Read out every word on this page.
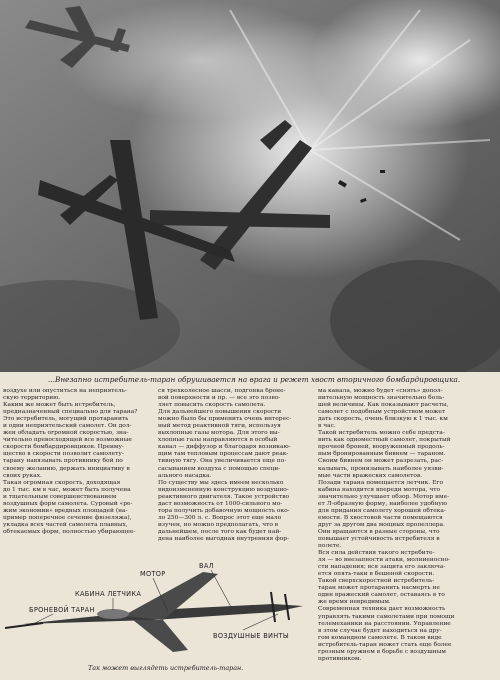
...Внезапно истребитель-таран обрушивается на врага и режет хвост вторичного бомбардировщика.
воздухе или опуститься на неприятель-
скую территорию.
Каким же может быть истребитель,
предназначенный специально для тарана?
Это истребитель, могущий протаранить
и одни неприятельский самолет. Он дол-
жен обладать огромной скоростью, зна-
чительно превосходящей все возможные
скорости бомбардировщиков. Преиму-
щество в скорости позволит самолету-
тарану навязывать противнику бой по
своему желанию, держать инициативу в
своих руках.
Такая огромная скорость, доходящая
до 1 тыс. км в час, может быть получена
и тщательным совершенствованием
воздушных форм самолета. Суровый «ре-
жим экономии» вредных площадей (на-
пример поперечное сечение фюзеляжа),
укладка всех частей самолета плавных,
обтекаемых форм, полностью убирающее-
ся трехколесное шасси, подгонка броне-
вой поверхности и пр. — все это позво-
ляет повысить скорость самолета.
Для дальнейшего повышения скорости
можно было бы применить очень интерес-
ный метод реактивной тяги, используя
выхлопные газы мотора. Для этого вы-
хлопные газы направляются в особый
канал — диффузор и благодаря возникаю-
щим там тепловым процессам дают реак-
тивную тягу. Она увеличивается еще по-
сасыванием воздуха с помощью специ-
ального насадка.
По существу мы здесь имеем несколько
видоизмененную конструкцию воздушно-
реактивного двигателя. Такое устройство
даст возможность от 1000-сильного мо-
тора получить добавочную мощность око-
ло 250—300 л. с. Вопрос этот еще мало
изучен, но можно предполагать, что в
дальнейшем, после того как будет най-
дена наиболее выгодная внутренняя фор-
ма канала, можно будет «снять» допол-
нительную мощность значительно боль-
шей величины. Как показывают расчеты,
самолет с подобным устройством может
дать скорость, очень близкую к 1 тыс. км
в час.
Такой истребитель можно себе предста-
вить как одноместный самолет, покрытый
прочной броней, вооруженный продоль-
ным бронированным бивнем — тараном.
Своим бивнем он может разрезать, рас-
калывать, пронизывать наиболее уязви-
мые части вражеских самолетов.
Позади тарана помещается летчик. Его
кабина находится впереди мотора, что
значительно улучшает обзор. Мотор име-
ет Л-образную форму, наиболее удобную
для придания самолету хорошей обтека-
емости. В хвостовой части помещаются
друг за другом два мощных пропеллера.
Они вращаются в разные стороны, что
повышает устойчивость истребителя в
полете.
Вся сила действия такого истребите-
ля — во внезапности атаки, молниеносно-
сти нападения; вся защита его заключа-
ется опять-таки в бешеной скорости.
Такой сверхскоростной истребитель-
таран может протаранить насмерть не
один вражеский самолет, оставаясь в то
же время невредимым.
Современная техника дает возможность
управлять такими самолетами при помощи
телемеханики на расстоянии. Управление
в этом случае будет находиться на дру-
гом командном самолете. В таком виде
истребитель-таран может стать еще более
грозным оружием в борьбе с воздушным
противником.
МОТОР
ВАЛ
КАБИНА ЛЕТЧИКА
БРОНЕВОЙ ТАРАН
ВОЗДУШНЫЕ ВИНТЫ
Так может выглядеть истребитель-таран.
